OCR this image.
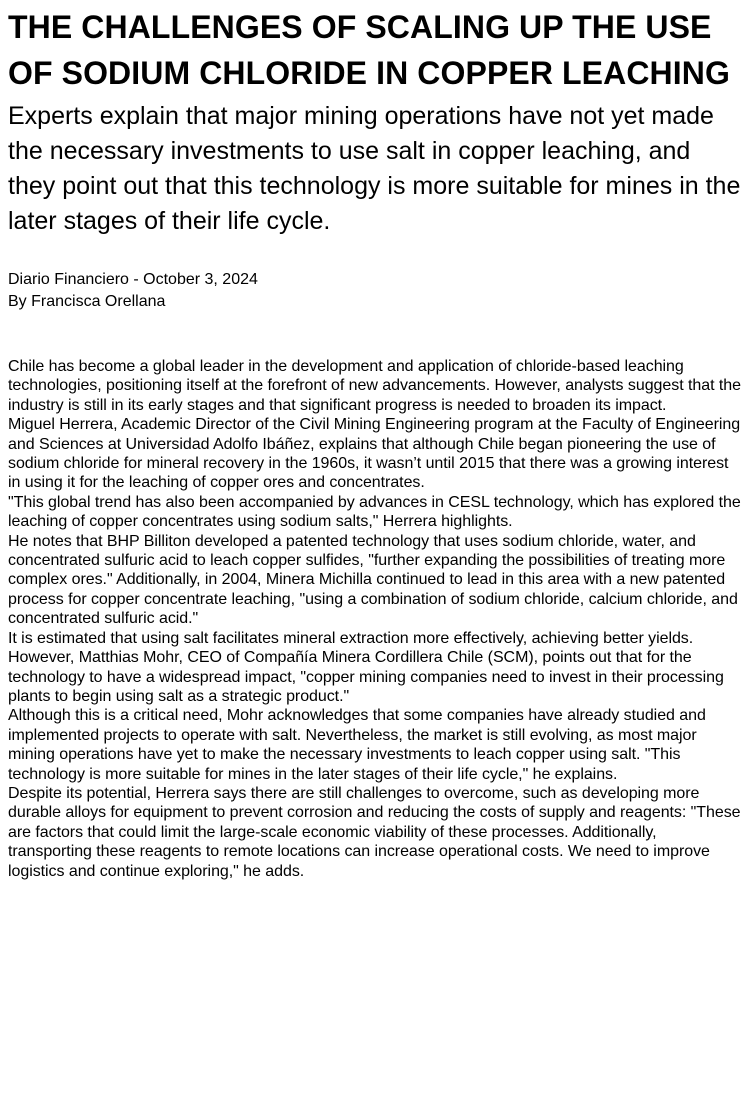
THE CHALLENGES OF SCALING UP THE USE OF SODIUM CHLORIDE IN COPPER LEACHING
Experts explain that major mining operations have not yet made the necessary investments to use salt in copper leaching, and they point out that this technology is more suitable for mines in the later stages of their life cycle.
Diario Financiero - October 3, 2024
By Francisca Orellana

Chile has become a global leader in the development and application of chloride-based leaching technologies, positioning itself at the forefront of new advancements. However, analysts suggest that the industry is still in its early stages and that significant progress is needed to broaden its impact.

Miguel Herrera, Academic Director of the Civil Mining Engineering program at the Faculty of Engineering and Sciences at Universidad Adolfo Ibáñez, explains that although Chile began pioneering the use of sodium chloride for mineral recovery in the 1960s, it wasn’t until 2015 that there was a growing interest in using it for the leaching of copper ores and concentrates.

"This global trend has also been accompanied by advances in CESL technology, which has explored the leaching of copper concentrates using sodium salts," Herrera highlights.

He notes that BHP Billiton developed a patented technology that uses sodium chloride, water, and concentrated sulfuric acid to leach copper sulfides, "further expanding the possibilities of treating more complex ores." Additionally, in 2004, Minera Michilla continued to lead in this area with a new patented process for copper concentrate leaching, "using a combination of sodium chloride, calcium chloride, and concentrated sulfuric acid."

It is estimated that using salt facilitates mineral extraction more effectively, achieving better yields. However, Matthias Mohr, CEO of Compañía Minera Cordillera Chile (SCM), points out that for the technology to have a widespread impact, "copper mining companies need to invest in their processing plants to begin using salt as a strategic product."

Although this is a critical need, Mohr acknowledges that some companies have already studied and implemented projects to operate with salt. Nevertheless, the market is still evolving, as most major mining operations have yet to make the necessary investments to leach copper using salt. "This technology is more suitable for mines in the later stages of their life cycle," he explains.

Despite its potential, Herrera says there are still challenges to overcome, such as developing more durable alloys for equipment to prevent corrosion and reducing the costs of supply and reagents: "These are factors that could limit the large-scale economic viability of these processes. Additionally, transporting these reagents to remote locations can increase operational costs. We need to improve logistics and continue exploring," he adds.
